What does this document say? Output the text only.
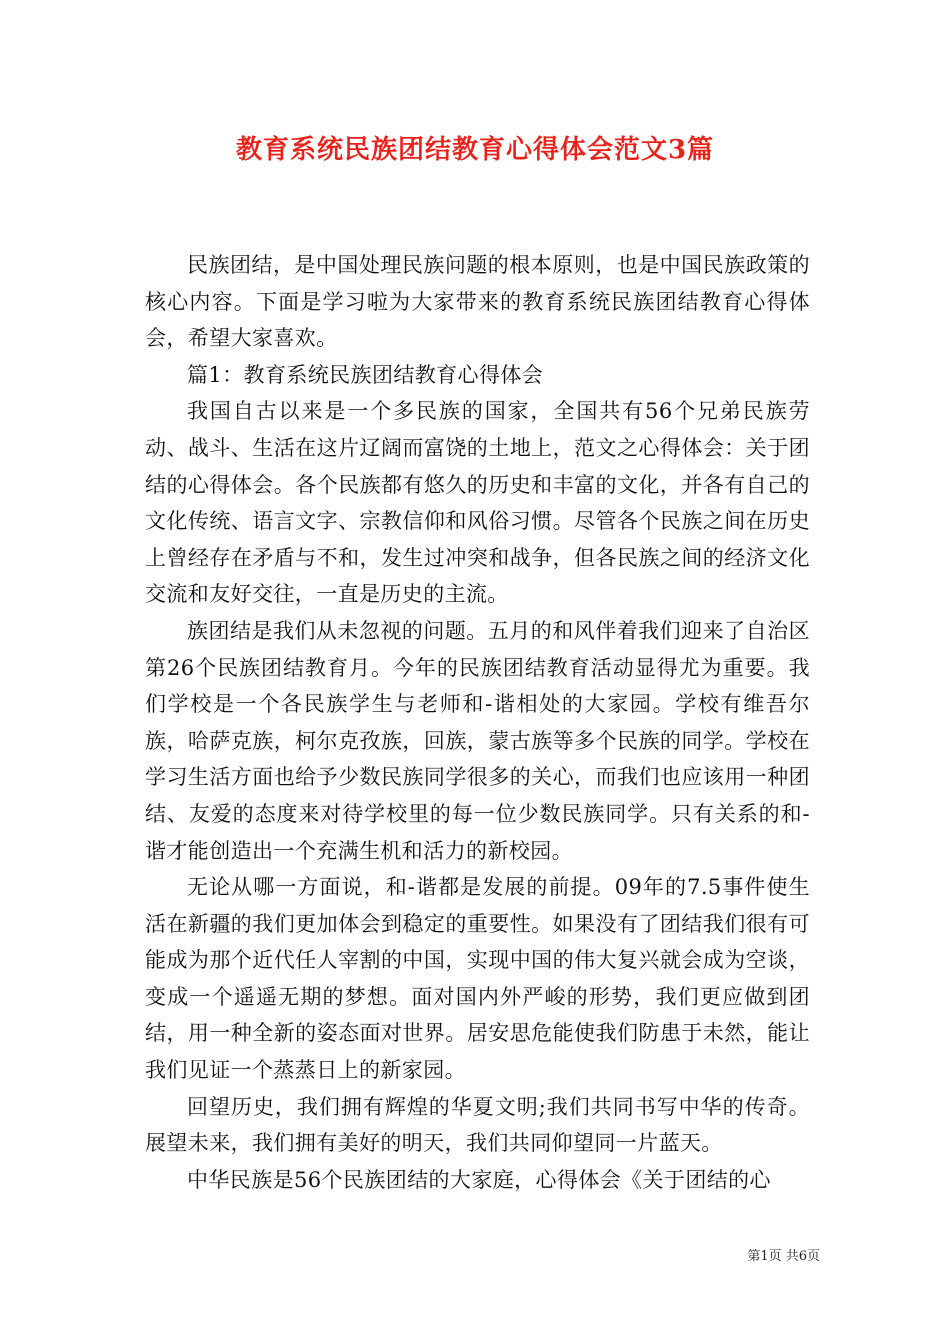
教育系统民族团结教育心得体会范文3篇

民族团结，是中国处理民族问题的根本原则，也是中国民族政策的核心内容。下面是学习啦为大家带来的教育系统民族团结教育心得体会，希望大家喜欢。

篇1：教育系统民族团结教育心得体会

我国自古以来是一个多民族的国家，全国共有56个兄弟民族劳动、战斗、生活在这片辽阔而富饶的土地上，范文之心得体会：关于团结的心得体会。各个民族都有悠久的历史和丰富的文化，并各有自己的文化传统、语言文字、宗教信仰和风俗习惯。尽管各个民族之间在历史上曾经存在矛盾与不和，发生过冲突和战争，但各民族之间的经济文化交流和友好交往，一直是历史的主流。

族团结是我们从未忽视的问题。五月的和风伴着我们迎来了自治区第26个民族团结教育月。今年的民族团结教育活动显得尤为重要。我们学校是一个各民族学生与老师和-谐相处的大家园。学校有维吾尔族，哈萨克族，柯尔克孜族，回族，蒙古族等多个民族的同学。学校在学习生活方面也给予少数民族同学很多的关心，而我们也应该用一种团结、友爱的态度来对待学校里的每一位少数民族同学。只有关系的和-谐才能创造出一个充满生机和活力的新校园。

无论从哪一方面说，和-谐都是发展的前提。09年的7.5事件使生活在新疆的我们更加体会到稳定的重要性。如果没有了团结我们很有可能成为那个近代任人宰割的中国，实现中国的伟大复兴就会成为空谈，变成一个遥遥无期的梦想。面对国内外严峻的形势，我们更应做到团结，用一种全新的姿态面对世界。居安思危能使我们防患于未然，能让我们见证一个蒸蒸日上的新家园。

回望历史，我们拥有辉煌的华夏文明;我们共同书写中华的传奇。展望未来，我们拥有美好的明天，我们共同仰望同一片蓝天。

中华民族是56个民族团结的大家庭，心得体会《关于团结的心

第1页 共6页
